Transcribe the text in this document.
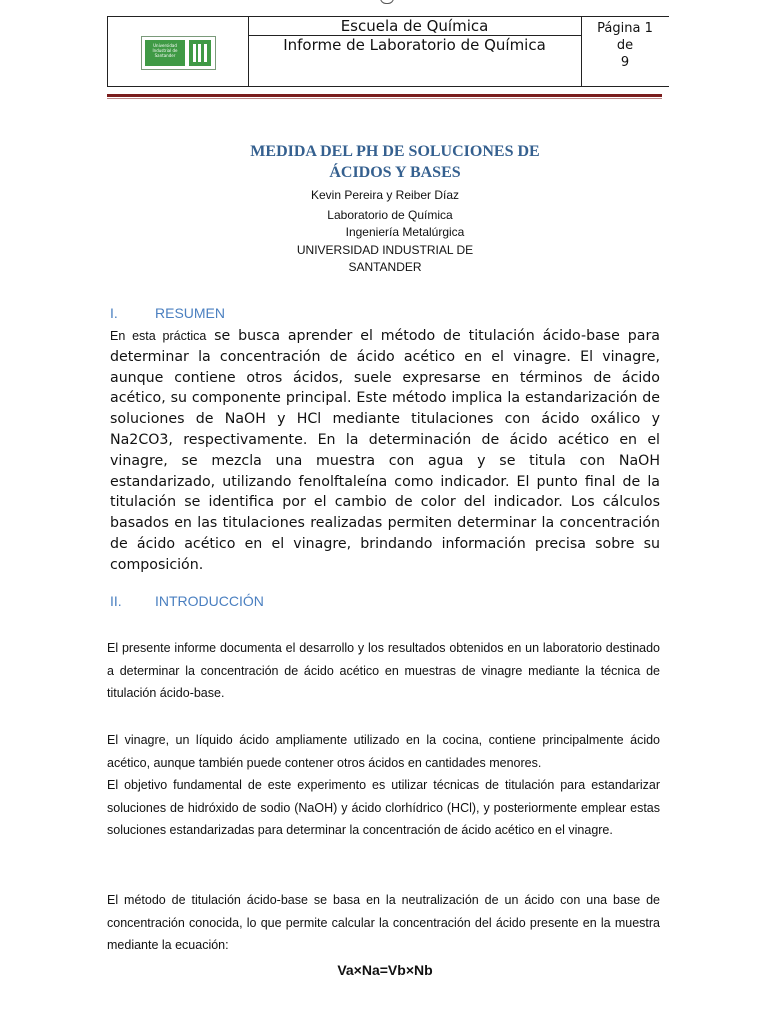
Universidad Industrial de Santander
Escuela de Química
Informe de Laboratorio de Química
Página 1
de
9
MEDIDA DEL PH DE SOLUCIONES DE ÁCIDOS Y BASES
Kevin Pereira y Reiber Díaz
Laboratorio de Química
Ingeniería Metalúrgica
UNIVERSIDAD INDUSTRIAL DE
SANTANDER
I.	RESUMEN
En esta práctica se busca aprender el método de titulación ácido-base para determinar la concentración de ácido acético en el vinagre. El vinagre, aunque contiene otros ácidos, suele expresarse en términos de ácido acético, su componente principal. Este método implica la estandarización de soluciones de NaOH y HCl mediante titulaciones con ácido oxálico y Na2CO3, respectivamente. En la determinación de ácido acético en el vinagre, se mezcla una muestra con agua y se titula con NaOH estandarizado, utilizando fenolftaleína como indicador. El punto final de la titulación se identifica por el cambio de color del indicador. Los cálculos basados en las titulaciones realizadas permiten determinar la concentración de ácido acético en el vinagre, brindando información precisa sobre su composición.
II. INTRODUCCIÓN
El presente informe documenta el desarrollo y los resultados obtenidos en un laboratorio destinado a determinar la concentración de ácido acético en muestras de vinagre mediante la técnica de titulación ácido-base.
El vinagre, un líquido ácido ampliamente utilizado en la cocina, contiene principalmente ácido acético, aunque también puede contener otros ácidos en cantidades menores.
El objetivo fundamental de este experimento es utilizar técnicas de titulación para estandarizar soluciones de hidróxido de sodio (NaOH) y ácido clorhídrico (HCl), y posteriormente emplear estas soluciones estandarizadas para determinar la concentración de ácido acético en el vinagre.
El método de titulación ácido-base se basa en la neutralización de un ácido con una base de concentración conocida, lo que permite calcular la concentración del ácido presente en la muestra mediante la ecuación:
Va×Na=Vb×Nb
